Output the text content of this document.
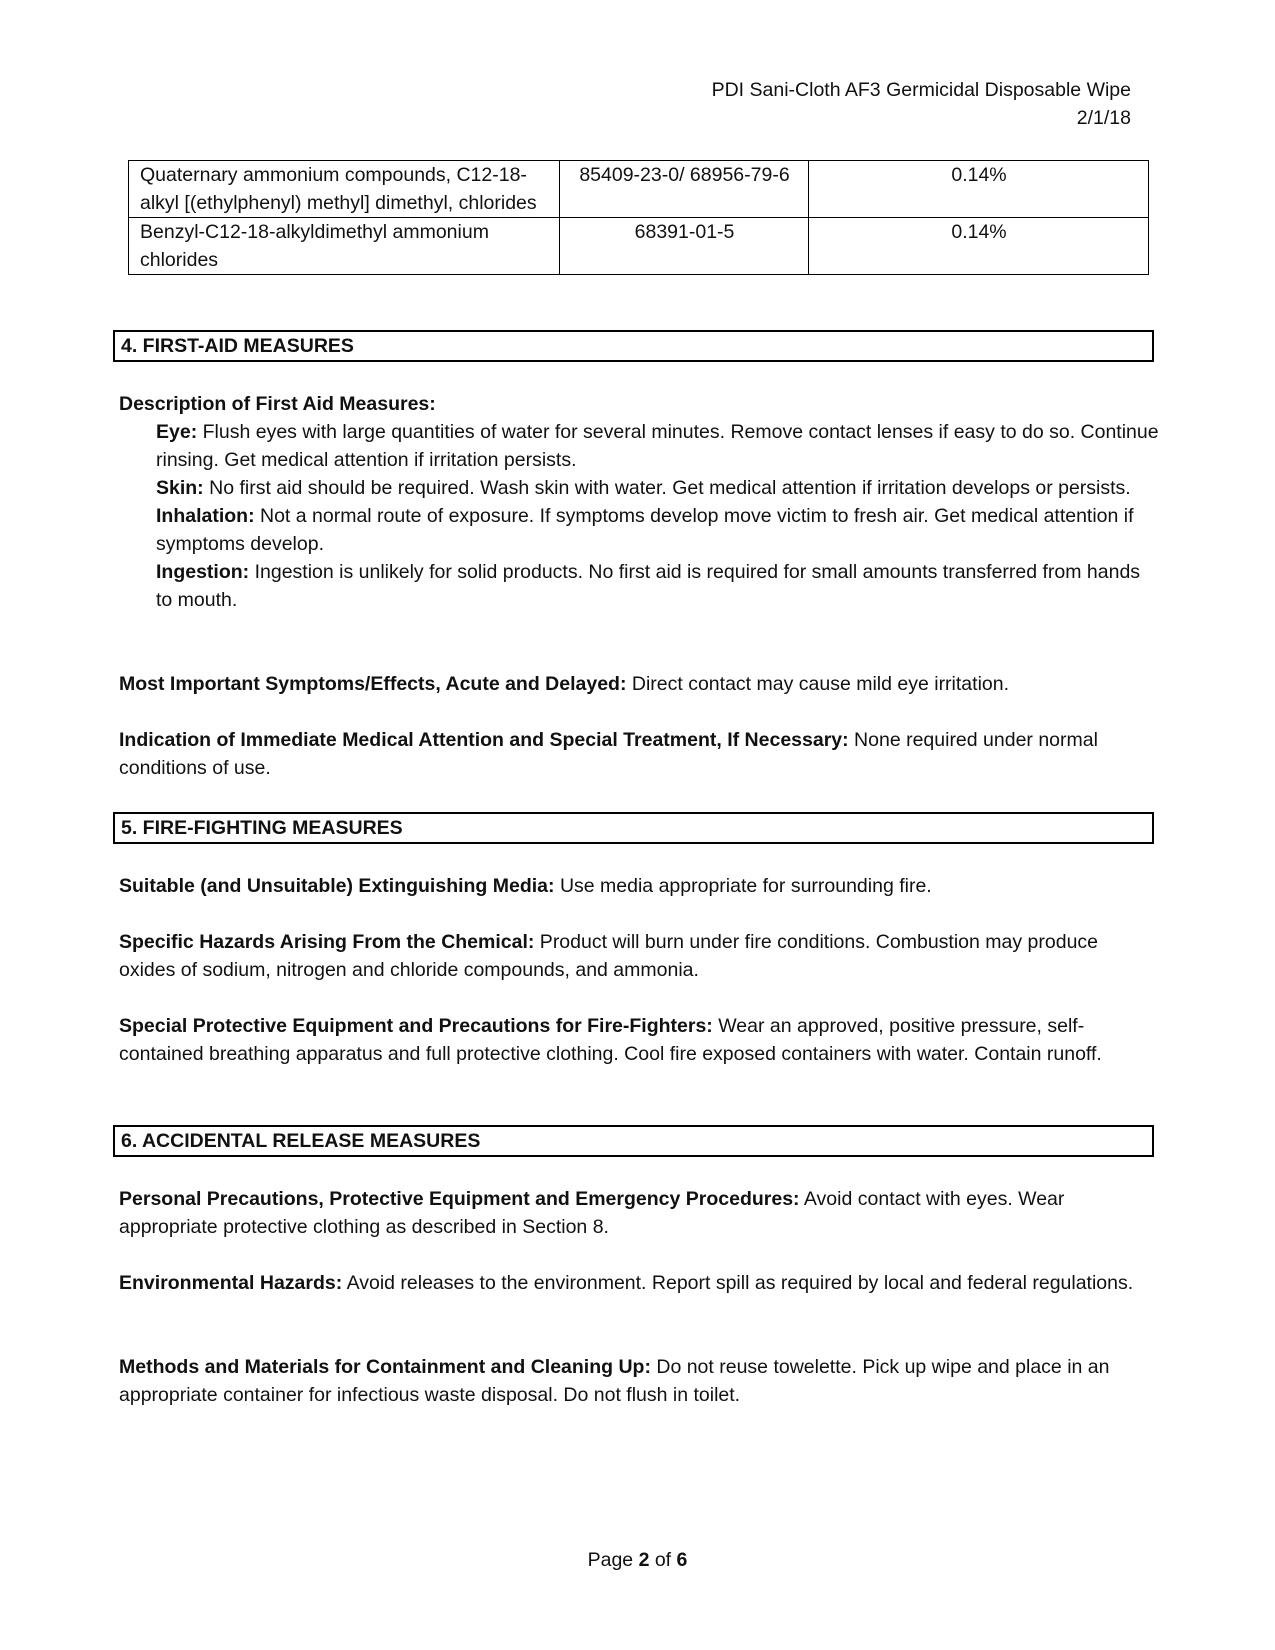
PDI Sani-Cloth AF3 Germicidal Disposable Wipe
2/1/18
Quaternary ammonium compounds, C12-18-alkyl [(ethylphenyl) methyl] dimethyl, chlorides	85409-23-0/ 68956-79-6	0.14%
Benzyl-C12-18-alkyldimethyl ammonium chlorides	68391-01-5	0.14%
4. FIRST-AID MEASURES
Description of First Aid Measures:
Eye: Flush eyes with large quantities of water for several minutes. Remove contact lenses if easy to do so. Continue rinsing. Get medical attention if irritation persists.
Skin: No first aid should be required. Wash skin with water. Get medical attention if irritation develops or persists.
Inhalation: Not a normal route of exposure. If symptoms develop move victim to fresh air. Get medical attention if symptoms develop.
Ingestion: Ingestion is unlikely for solid products. No first aid is required for small amounts transferred from hands to mouth.

Most Important Symptoms/Effects, Acute and Delayed: Direct contact may cause mild eye irritation.

Indication of Immediate Medical Attention and Special Treatment, If Necessary: None required under normal conditions of use.

5. FIRE-FIGHTING MEASURES

Suitable (and Unsuitable) Extinguishing Media: Use media appropriate for surrounding fire.

Specific Hazards Arising From the Chemical: Product will burn under fire conditions. Combustion may produce oxides of sodium, nitrogen and chloride compounds, and ammonia.

Special Protective Equipment and Precautions for Fire-Fighters: Wear an approved, positive pressure, self-contained breathing apparatus and full protective clothing. Cool fire exposed containers with water. Contain runoff.

6. ACCIDENTAL RELEASE MEASURES

Personal Precautions, Protective Equipment and Emergency Procedures: Avoid contact with eyes. Wear appropriate protective clothing as described in Section 8.

Environmental Hazards: Avoid releases to the environment. Report spill as required by local and federal regulations.

Methods and Materials for Containment and Cleaning Up: Do not reuse towelette. Pick up wipe and place in an appropriate container for infectious waste disposal. Do not flush in toilet.

Page 2 of 6
